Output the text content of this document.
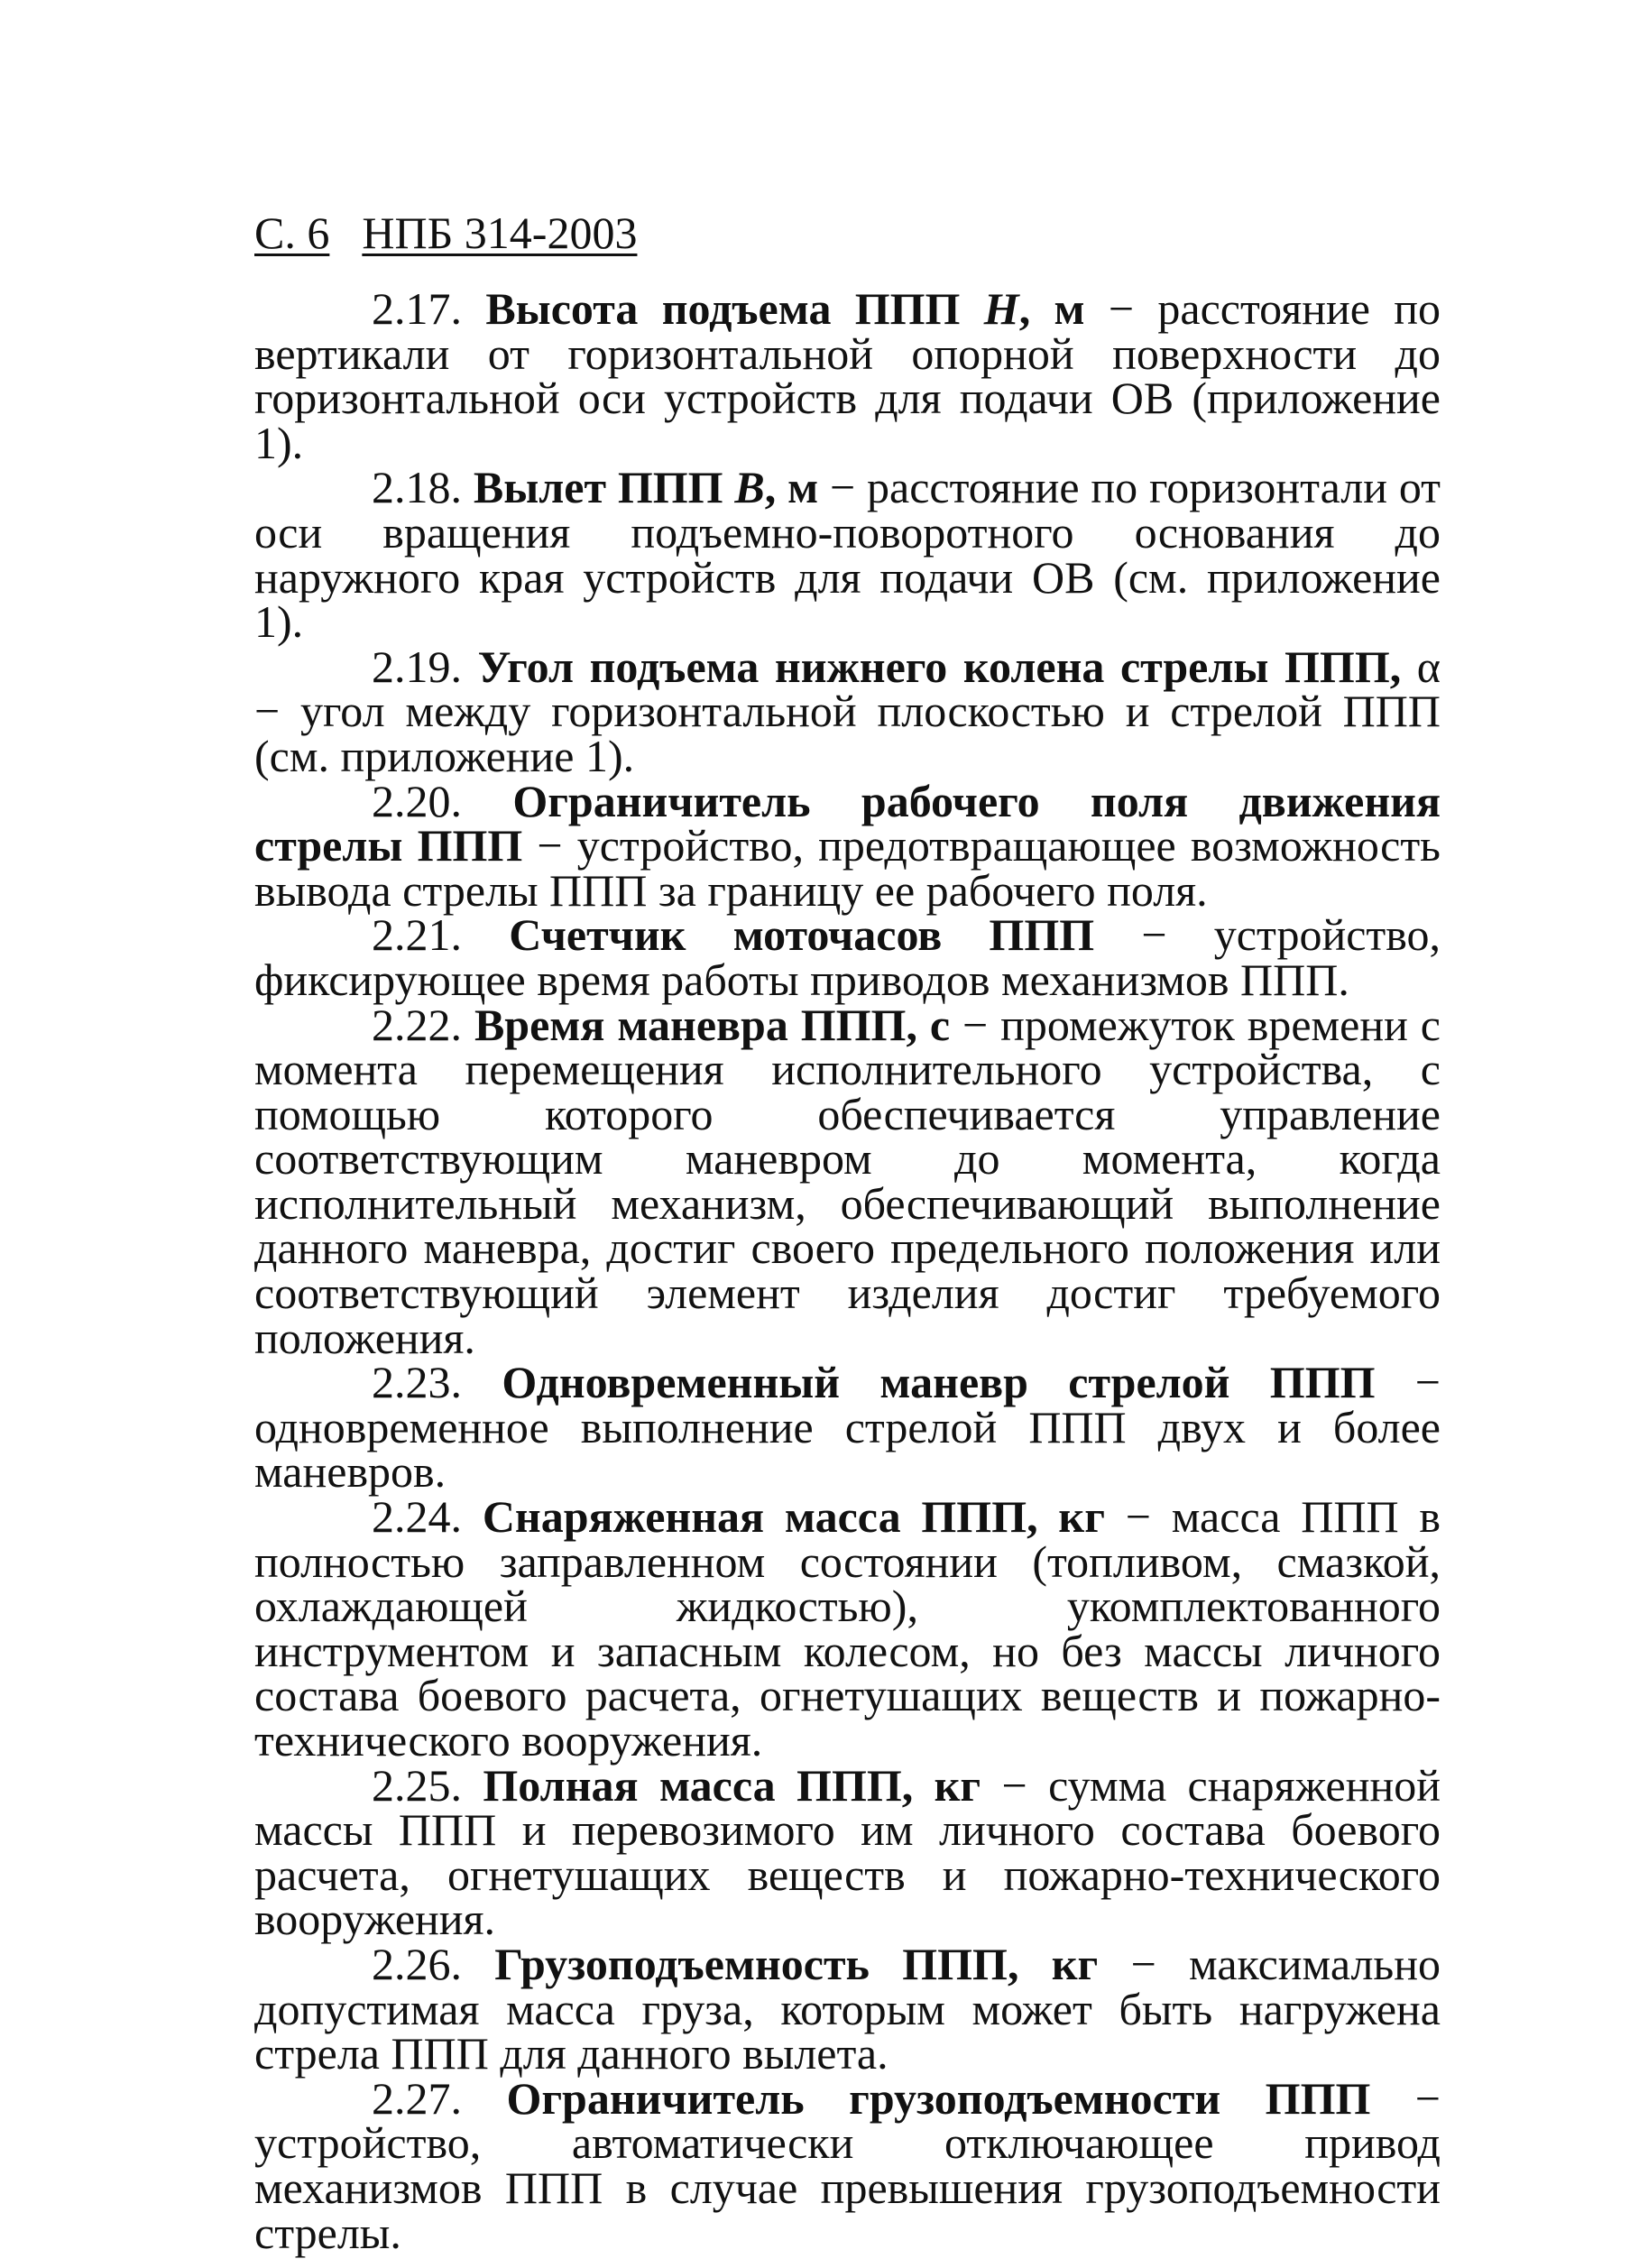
С. 6 НПБ 314-2003

2.17. Высота подъема ППП H, м − расстояние по вертикали от горизонтальной опорной поверхности до горизонтальной оси устройств для подачи ОВ (приложение 1).

2.18. Вылет ППП B, м − расстояние по горизонтали от оси вращения подъемно-поворотного основания до наружного края устройств для подачи ОВ (см. приложение 1).

2.19. Угол подъема нижнего колена стрелы ППП, α − угол между горизонтальной плоскостью и стрелой ППП (см. приложение 1).

2.20. Ограничитель рабочего поля движения стрелы ППП − устройство, предотвращающее возможность вывода стрелы ППП за границу ее рабочего поля.

2.21. Счетчик моточасов ППП − устройство, фиксирующее время работы приводов механизмов ППП.

2.22. Время маневра ППП, с − промежуток времени с момента перемещения исполнительного устройства, с помощью которого обеспечивается управление соответствующим маневром до момента, когда исполнительный механизм, обеспечивающий выполнение данного маневра, достиг своего предельного положения или соответствующий элемент изделия достиг требуемого положения.

2.23. Одновременный маневр стрелой ППП − одновременное выполнение стрелой ППП двух и более маневров.

2.24. Снаряженная масса ППП, кг − масса ППП в полностью заправленном состоянии (топливом, смазкой, охлаждающей жидкостью), укомплектованного инструментом и запасным колесом, но без массы личного состава боевого расчета, огнетушащих веществ и пожарно-технического вооружения.

2.25. Полная масса ППП, кг − сумма снаряженной массы ППП и перевозимого им личного состава боевого расчета, огнетушащих веществ и пожарно-технического вооружения.

2.26. Грузоподъемность ППП, кг − максимально допустимая масса груза, которым может быть нагружена стрела ППП для данного вылета.

2.27. Ограничитель грузоподъемности ППП − устройство, автоматически отключающее привод механизмов ППП в случае превышения грузоподъемности стрелы.
